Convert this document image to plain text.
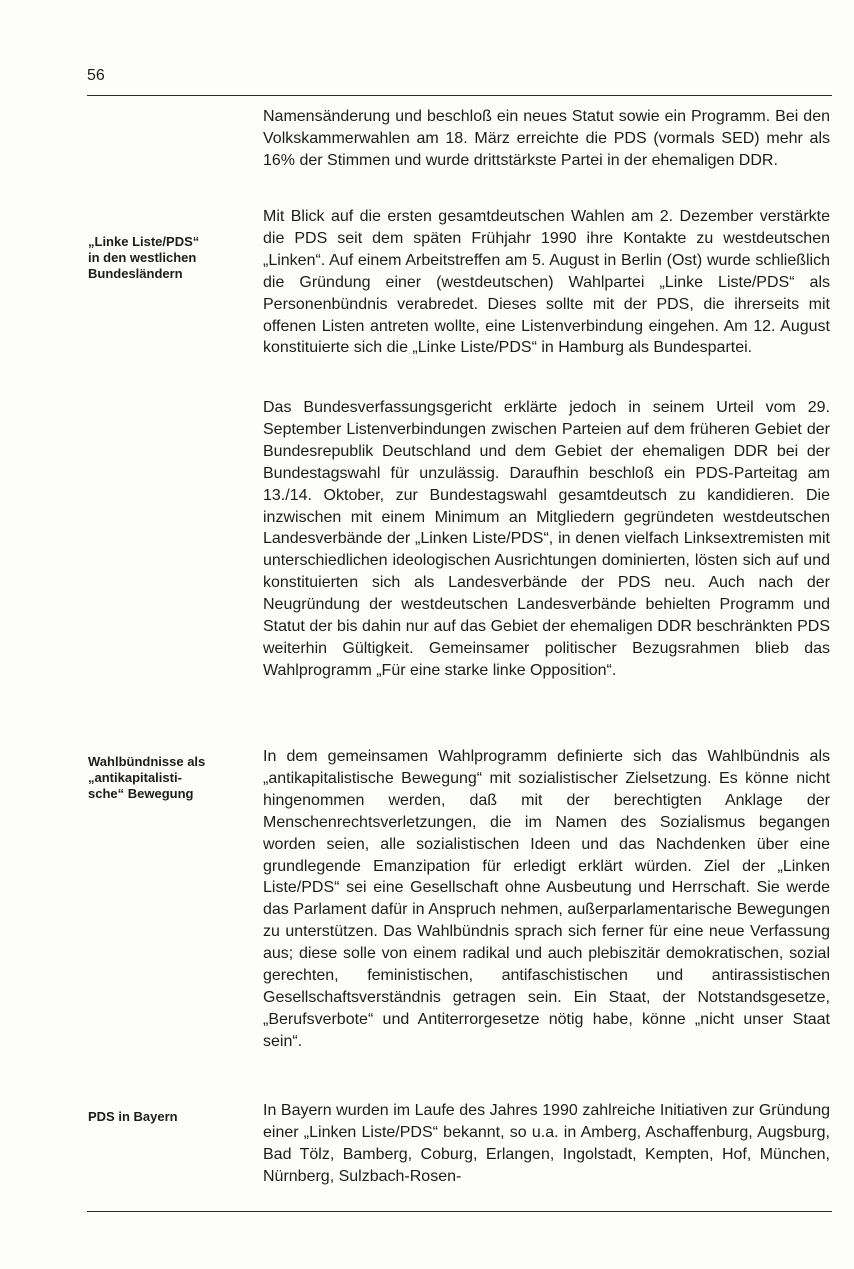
56
„Linke Liste/PDS“
in den westlichen
Bundesländern
Wahlbündnisse als
„antikapitalisti-
sche“ Bewegung
PDS in Bayern

Namensänderung und beschloß ein neues Statut sowie ein Programm. Bei den Volkskammerwahlen am 18. März erreichte die PDS (vormals SED) mehr als 16% der Stimmen und wurde drittstärkste Partei in der ehemaligen DDR.

Mit Blick auf die ersten gesamtdeutschen Wahlen am 2. Dezember verstärkte die PDS seit dem späten Frühjahr 1990 ihre Kontakte zu westdeutschen „Linken“. Auf einem Arbeitstreffen am 5. August in Berlin (Ost) wurde schließlich die Gründung einer (westdeutschen) Wahlpartei „Linke Liste/PDS“ als Personenbündnis verabredet. Dieses sollte mit der PDS, die ihrerseits mit offenen Listen antreten wollte, eine Listenverbindung eingehen. Am 12. August konstituierte sich die „Linke Liste/PDS“ in Hamburg als Bundespartei.

Das Bundesverfassungsgericht erklärte jedoch in seinem Urteil vom 29. September Listenverbindungen zwischen Parteien auf dem früheren Gebiet der Bundesrepublik Deutschland und dem Gebiet der ehemaligen DDR bei der Bundestagswahl für unzulässig. Daraufhin beschloß ein PDS-Parteitag am 13./14. Oktober, zur Bundestagswahl gesamtdeutsch zu kandidieren. Die inzwischen mit einem Minimum an Mitgliedern gegründeten westdeutschen Landesverbände der „Linken Liste/PDS“, in denen vielfach Linksextremisten mit unterschiedlichen ideologischen Ausrichtungen dominierten, lösten sich auf und konstituierten sich als Landesverbände der PDS neu. Auch nach der Neugründung der westdeutschen Landesverbände behielten Programm und Statut der bis dahin nur auf das Gebiet der ehemaligen DDR beschränkten PDS weiterhin Gültigkeit. Gemeinsamer politischer Bezugsrahmen blieb das Wahlprogramm „Für eine starke linke Opposition“.

In dem gemeinsamen Wahlprogramm definierte sich das Wahlbündnis als „antikapitalistische Bewegung“ mit sozialistischer Zielsetzung. Es könne nicht hingenommen werden, daß mit der berechtigten Anklage der Menschenrechtsverletzungen, die im Namen des Sozialismus begangen worden seien, alle sozialistischen Ideen und das Nachdenken über eine grundlegende Emanzipation für erledigt erklärt würden. Ziel der „Linken Liste/PDS“ sei eine Gesellschaft ohne Ausbeutung und Herrschaft. Sie werde das Parlament dafür in Anspruch nehmen, außerparlamentarische Bewegungen zu unterstützen. Das Wahlbündnis sprach sich ferner für eine neue Verfassung aus; diese solle von einem radikal und auch plebiszitär demokratischen, sozial gerechten, feministischen, antifaschistischen und antirassistischen Gesellschaftsverständnis getragen sein. Ein Staat, der Notstandsgesetze, „Berufsverbote“ und Antiterrorgesetze nötig habe, könne „nicht unser Staat sein“.

In Bayern wurden im Laufe des Jahres 1990 zahlreiche Initiativen zur Gründung einer „Linken Liste/PDS“ bekannt, so u.a. in Amberg, Aschaffenburg, Augsburg, Bad Tölz, Bamberg, Coburg, Erlangen, Ingolstadt, Kempten, Hof, München, Nürnberg, Sulzbach-Rosen-
